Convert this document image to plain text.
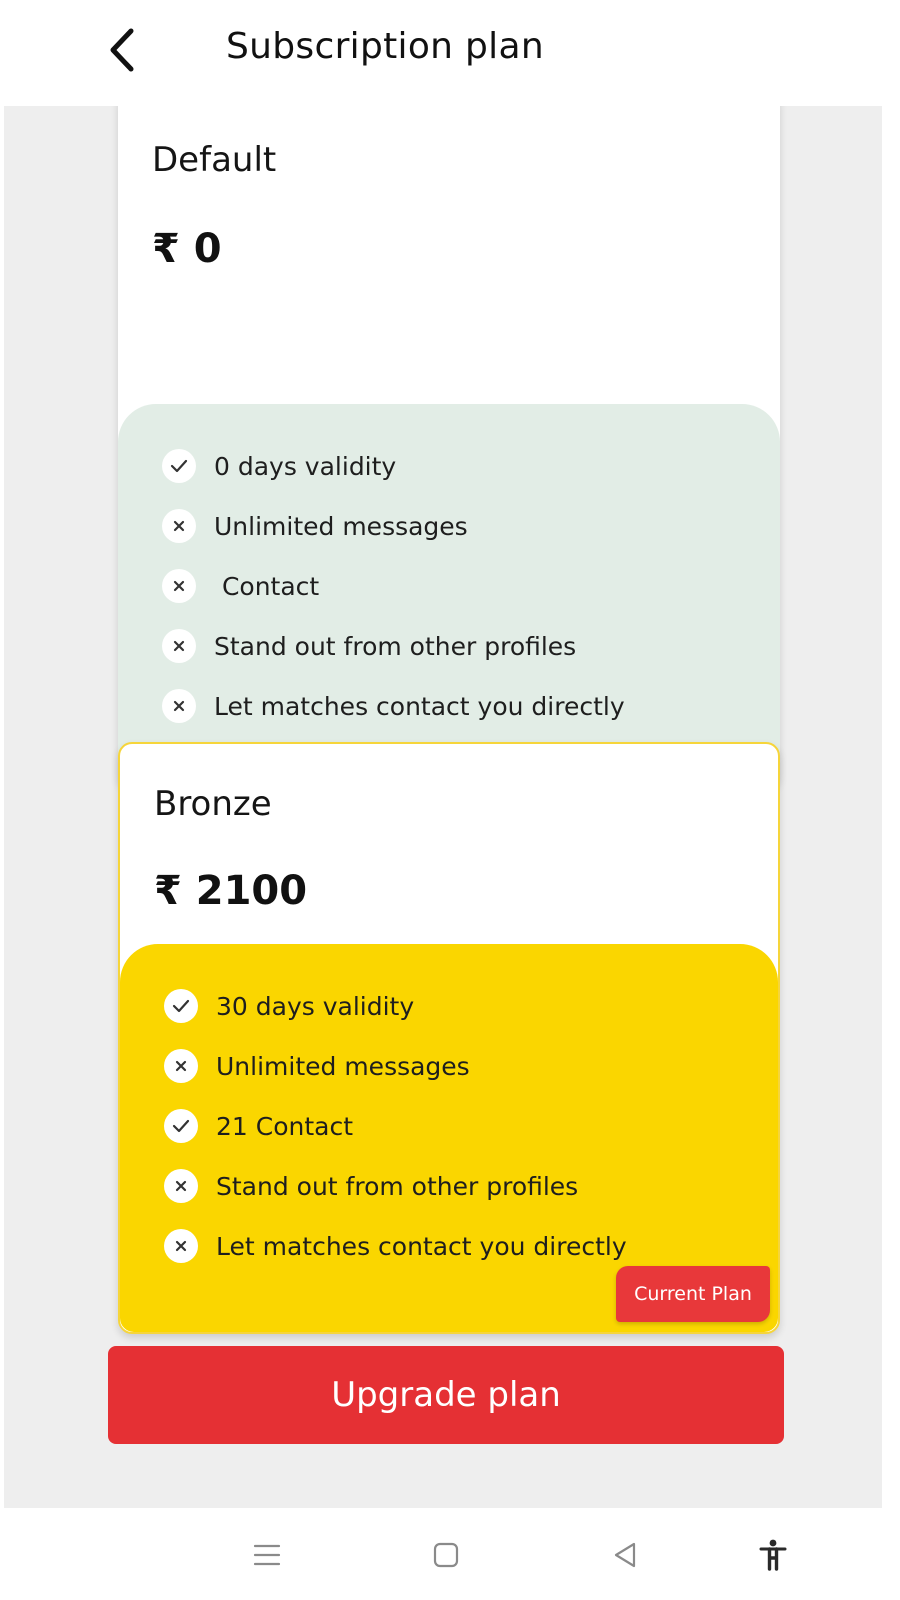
Subscription plan
Default
₹ 0
0 days validity
Unlimited messages
Contact
Stand out from other profiles
Let matches contact you directly
Bronze
₹ 2100
30 days validity
Unlimited messages
21 Contact
Stand out from other profiles
Let matches contact you directly
Current Plan
Upgrade plan
